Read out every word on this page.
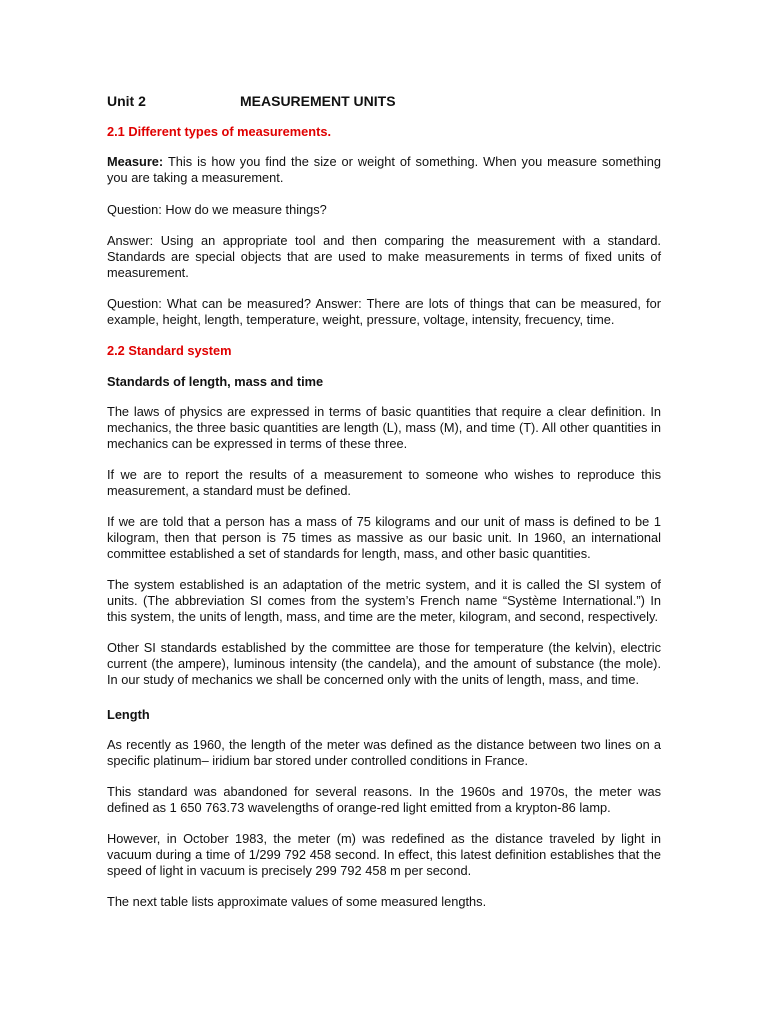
Unit 2	MEASUREMENT UNITS

2.1 Different types of measurements.

Measure: This is how you find the size or weight of something. When you measure something you are taking a measurement.

Question: How do we measure things?

Answer: Using an appropriate tool and then comparing the measurement with a standard. Standards are special objects that are used to make measurements in terms of fixed units of measurement.

Question: What can be measured? Answer: There are lots of things that can be measured, for example, height, length, temperature, weight, pressure, voltage, intensity, frecuency, time.

2.2 Standard system

Standards of length, mass and time

The laws of physics are expressed in terms of basic quantities that require a clear definition. In mechanics, the three basic quantities are length (L), mass (M), and time (T). All other quantities in mechanics can be expressed in terms of these three.

If we are to report the results of a measurement to someone who wishes to reproduce this measurement, a standard must be defined.

If we are told that a person has a mass of 75 kilograms and our unit of mass is defined to be 1 kilogram, then that person is 75 times as massive as our basic unit. In 1960, an international committee established a set of standards for length, mass, and other basic quantities.

The system established is an adaptation of the metric system, and it is called the SI system of units. (The abbreviation SI comes from the system’s French name “Système International.”) In this system, the units of length, mass, and time are the meter, kilogram, and second, respectively.

Other SI standards established by the committee are those for temperature (the kelvin), electric current (the ampere), luminous intensity (the candela), and the amount of substance (the mole). In our study of mechanics we shall be concerned only with the units of length, mass, and time.

Length

As recently as 1960, the length of the meter was defined as the distance between two lines on a specific platinum– iridium bar stored under controlled conditions in France.

This standard was abandoned for several reasons. In the 1960s and 1970s, the meter was defined as 1 650 763.73 wavelengths of orange-red light emitted from a krypton-86 lamp.

However, in October 1983, the meter (m) was redefined as the distance traveled by light in vacuum during a time of 1/299 792 458 second. In effect, this latest definition establishes that the speed of light in vacuum is precisely 299 792 458 m per second.

The next table lists approximate values of some measured lengths.
